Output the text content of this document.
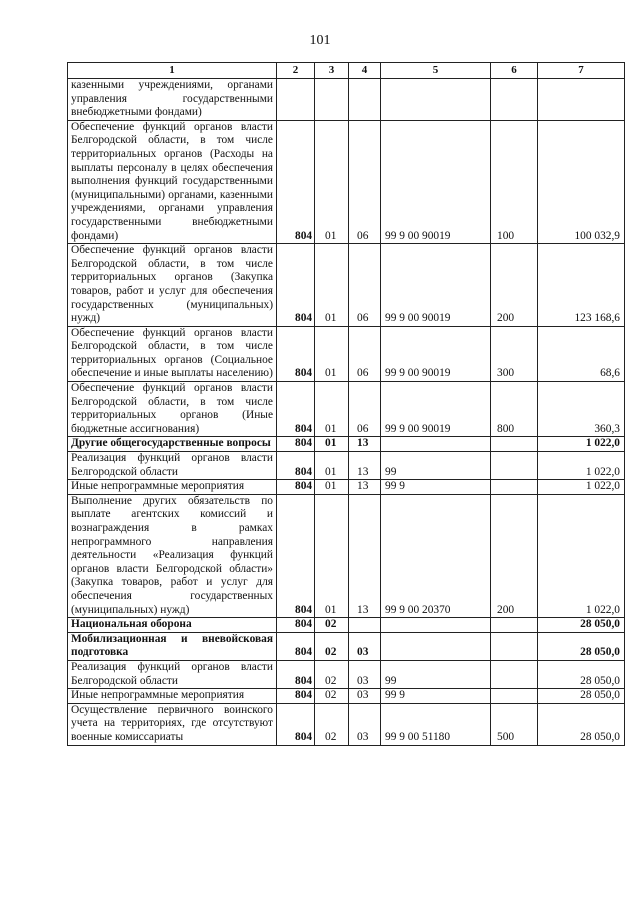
101
1	2	3	4	5	6	7
казенными учреждениями, органами управления государственными внебюджетными фондами)						
Обеспечение функций органов власти Белгородской области, в том числе территориальных органов (Расходы на выплаты персоналу в целях обеспечения выполнения функций государственными (муниципальными) органами, казенными учреждениями, органами управления государственными внебюджетными фондами)	804	01	06	99 9 00 90019	100	100 032,9
Обеспечение функций органов власти Белгородской области, в том числе территориальных органов (Закупка товаров, работ и услуг для обеспечения государственных (муниципальных) нужд)	804	01	06	99 9 00 90019	200	123 168,6
Обеспечение функций органов власти Белгородской области, в том числе территориальных органов (Социальное обеспечение и иные выплаты населению)	804	01	06	99 9 00 90019	300	68,6
Обеспечение функций органов власти Белгородской области, в том числе территориальных органов (Иные бюджетные ассигнования)	804	01	06	99 9 00 90019	800	360,3
Другие общегосударственные вопросы	804	01	13			1 022,0
Реализация функций органов власти Белгородской области	804	01	13	99		1 022,0
Иные непрограммные мероприятия	804	01	13	99 9		1 022,0
Выполнение других обязательств по выплате агентских комиссий и вознаграждения в рамках непрограммного направления деятельности «Реализация функций органов власти Белгородской области» (Закупка товаров, работ и услуг для обеспечения государственных (муниципальных) нужд)	804	01	13	99 9 00 20370	200	1 022,0
Национальная оборона	804	02				28 050,0
Мобилизационная и вневойсковая подготовка	804	02	03			28 050,0
Реализация функций органов власти Белгородской области	804	02	03	99		28 050,0
Иные непрограммные мероприятия	804	02	03	99 9		28 050,0
Осуществление первичного воинского учета на территориях, где отсутствуют военные комиссариаты	804	02	03	99 9 00 51180	500	28 050,0
